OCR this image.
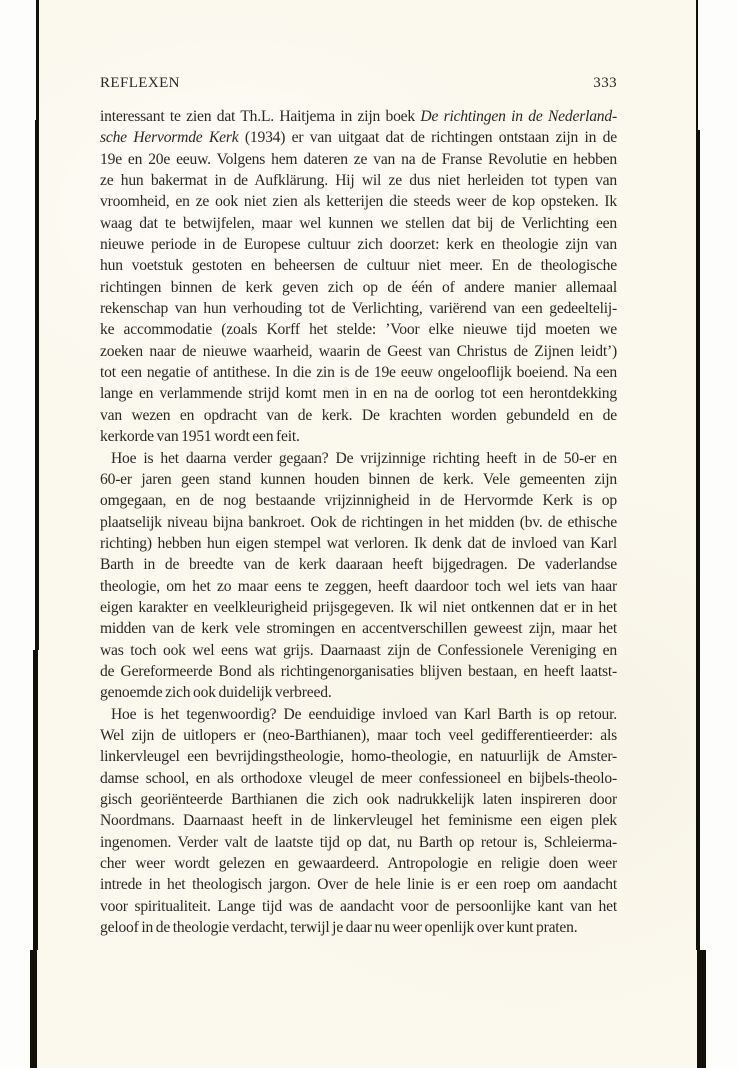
REFLEXEN	333
interessant te zien dat Th.L. Haitjema in zijn boek De richtingen in de Nederland-
sche Hervormde Kerk (1934) er van uitgaat dat de richtingen ontstaan zijn in de
19e en 20e eeuw. Volgens hem dateren ze van na de Franse Revolutie en hebben
ze hun bakermat in de Aufklärung. Hij wil ze dus niet herleiden tot typen van
vroomheid, en ze ook niet zien als ketterijen die steeds weer de kop opsteken. Ik
waag dat te betwijfelen, maar wel kunnen we stellen dat bij de Verlichting een
nieuwe periode in de Europese cultuur zich doorzet: kerk en theologie zijn van
hun voetstuk gestoten en beheersen de cultuur niet meer. En de theologische
richtingen binnen de kerk geven zich op de één of andere manier allemaal
rekenschap van hun verhouding tot de Verlichting, variërend van een gedeeltelij-
ke accommodatie (zoals Korff het stelde: ’Voor elke nieuwe tijd moeten we
zoeken naar de nieuwe waarheid, waarin de Geest van Christus de Zijnen leidt’)
tot een negatie of antithese. In die zin is de 19e eeuw ongelooflijk boeiend. Na een
lange en verlammende strijd komt men in en na de oorlog tot een herontdekking
van wezen en opdracht van de kerk. De krachten worden gebundeld en de
kerkorde van 1951 wordt een feit.
Hoe is het daarna verder gegaan? De vrijzinnige richting heeft in de 50-er en
60-er jaren geen stand kunnen houden binnen de kerk. Vele gemeenten zijn
omgegaan, en de nog bestaande vrijzinnigheid in de Hervormde Kerk is op
plaatselijk niveau bijna bankroet. Ook de richtingen in het midden (bv. de ethische
richting) hebben hun eigen stempel wat verloren. Ik denk dat de invloed van Karl
Barth in de breedte van de kerk daaraan heeft bijgedragen. De vaderlandse
theologie, om het zo maar eens te zeggen, heeft daardoor toch wel iets van haar
eigen karakter en veelkleurigheid prijsgegeven. Ik wil niet ontkennen dat er in het
midden van de kerk vele stromingen en accentverschillen geweest zijn, maar het
was toch ook wel eens wat grijs. Daarnaast zijn de Confessionele Vereniging en
de Gereformeerde Bond als richtingenorganisaties blijven bestaan, en heeft laatst-
genoemde zich ook duidelijk verbreed.
Hoe is het tegenwoordig? De eenduidige invloed van Karl Barth is op retour.
Wel zijn de uitlopers er (neo-Barthianen), maar toch veel gedifferentieerder: als
linkervleugel een bevrijdingstheologie, homo-theologie, en natuurlijk de Amster-
damse school, en als orthodoxe vleugel de meer confessioneel en bijbels-theolo-
gisch georiënteerde Barthianen die zich ook nadrukkelijk laten inspireren door
Noordmans. Daarnaast heeft in de linkervleugel het feminisme een eigen plek
ingenomen. Verder valt de laatste tijd op dat, nu Barth op retour is, Schleierma-
cher weer wordt gelezen en gewaardeerd. Antropologie en religie doen weer
intrede in het theologisch jargon. Over de hele linie is er een roep om aandacht
voor spiritualiteit. Lange tijd was de aandacht voor de persoonlijke kant van het
geloof in de theologie verdacht, terwijl je daar nu weer openlijk over kunt praten.
